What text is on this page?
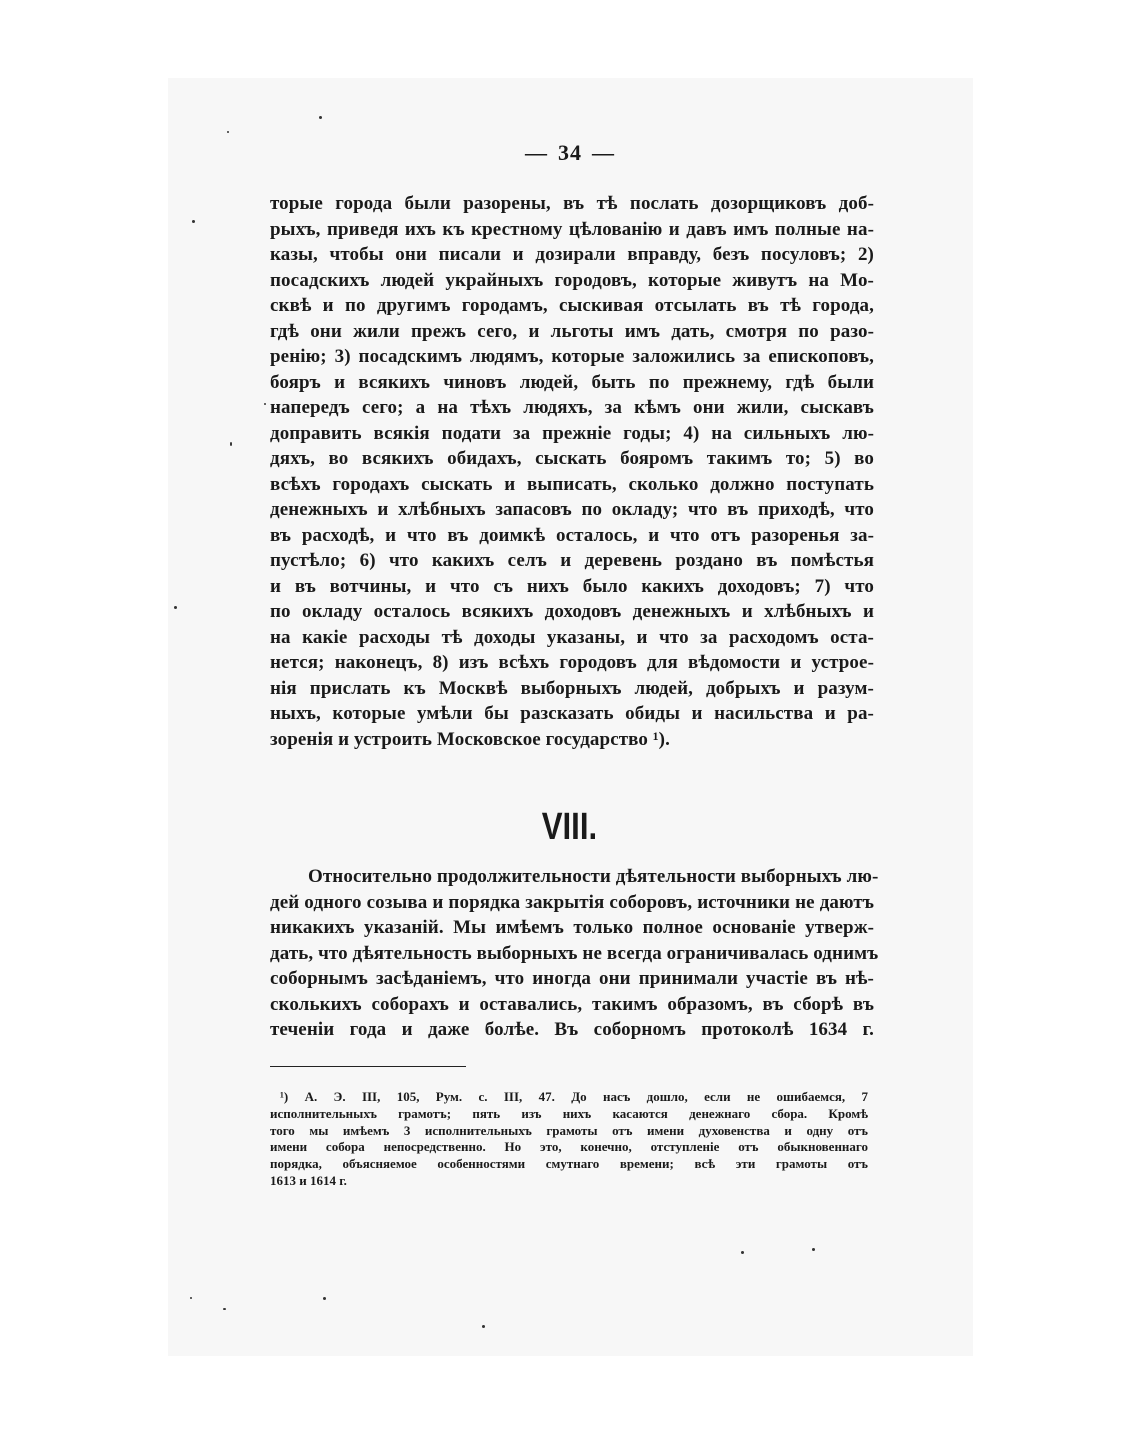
— 34 —
торые города были разорены, въ тѣ послать дозорщиковъ доб-
рыхъ, приведя ихъ къ крестному цѣлованію и давъ имъ полные на-
казы, чтобы они писали и дозирали вправду, безъ посуловъ; 2)
посадскихъ людей украйныхъ городовъ, которые живутъ на Мо-
сквѣ и по другимъ городамъ, сыскивая отсылать въ тѣ города,
гдѣ они жили прежъ сего, и льготы имъ дать, смотря по разо-
ренію; 3) посадскимъ людямъ, которые заложились за епископовъ,
бояръ и всякихъ чиновъ людей, быть по прежнему, гдѣ были
напередъ сего; а на тѣхъ людяхъ, за кѣмъ они жили, сыскавъ
доправить всякія подати за прежніе годы; 4) на сильныхъ лю-
дяхъ, во всякихъ обидахъ, сыскать бояромъ такимъ то; 5) во
всѣхъ городахъ сыскать и выписать, сколько должно поступать
денежныхъ и хлѣбныхъ запасовъ по окладу; что въ приходѣ, что
въ расходѣ, и что въ доимкѣ осталось, и что отъ разоренья за-
пустѣло; 6) что какихъ селъ и деревень роздано въ помѣстья
и въ вотчины, и что съ нихъ было какихъ доходовъ; 7) что
по окладу осталось всякихъ доходовъ денежныхъ и хлѣбныхъ и
на какіе расходы тѣ доходы указаны, и что за расходомъ оста-
нется; наконецъ, 8) изъ всѣхъ городовъ для вѣдомости и устрое-
нія прислать къ Москвѣ выборныхъ людей, добрыхъ и разум-
ныхъ, которые умѣли бы разсказать обиды и насильства и ра-
зоренія и устроить Московское государство ¹).
VIII.
Относительно продолжительности дѣятельности выборныхъ лю-
дей одного созыва и порядка закрытія соборовъ, источники не даютъ
никакихъ указаній. Мы имѣемъ только полное основаніе утверж-
дать, что дѣятельность выборныхъ не всегда ограничивалась однимъ
соборнымъ засѣданіемъ, что иногда они принимали участіе въ нѣ-
сколькихъ соборахъ и оставались, такимъ образомъ, въ сборѣ въ
теченіи года и даже болѣе. Въ соборномъ протоколѣ 1634 г.
¹) А. Э. III, 105, Рум. с. III, 47. До насъ дошло, если не ошибаемся, 7
исполнительныхъ грамотъ; пять изъ нихъ касаются денежнаго сбора. Кромѣ
того мы имѣемъ 3 исполнительныхъ грамоты отъ имени духовенства и одну отъ
имени собора непосредственно. Но это, конечно, отступленіе отъ обыкновеннаго
порядка, объясняемое особенностями смутнаго времени; всѣ эти грамоты отъ
1613 и 1614 г.
